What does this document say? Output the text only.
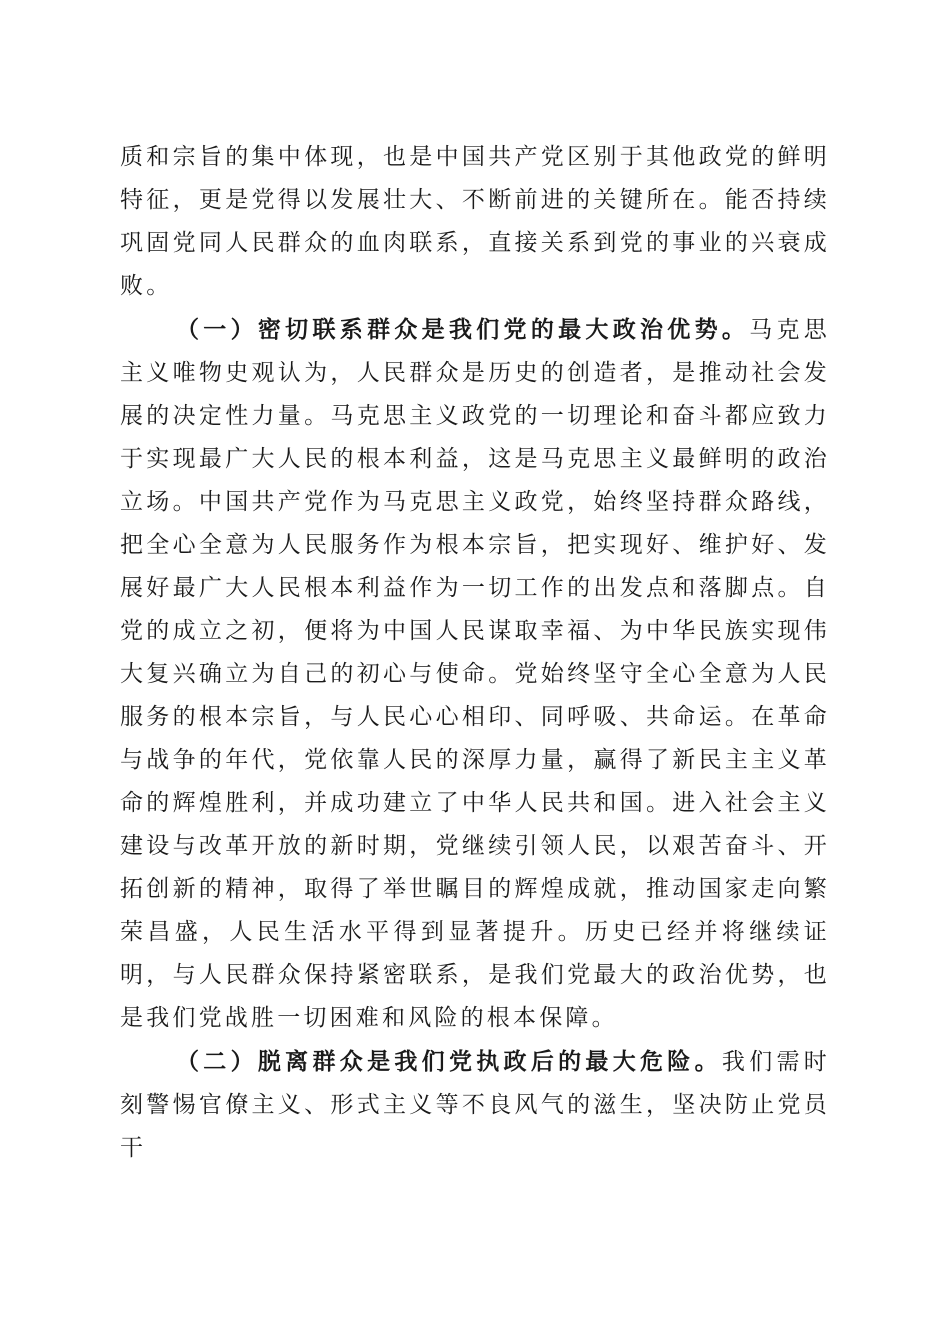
质和宗旨的集中体现，也是中国共产党区别于其他政党的鲜明特征，更是党得以发展壮大、不断前进的关键所在。能否持续巩固党同人民群众的血肉联系，直接关系到党的事业的兴衰成败。

（一）密切联系群众是我们党的最大政治优势。马克思主义唯物史观认为，人民群众是历史的创造者，是推动社会发展的决定性力量。马克思主义政党的一切理论和奋斗都应致力于实现最广大人民的根本利益，这是马克思主义最鲜明的政治立场。中国共产党作为马克思主义政党，始终坚持群众路线，把全心全意为人民服务作为根本宗旨，把实现好、维护好、发展好最广大人民根本利益作为一切工作的出发点和落脚点。自党的成立之初，便将为中国人民谋取幸福、为中华民族实现伟大复兴确立为自己的初心与使命。党始终坚守全心全意为人民服务的根本宗旨，与人民心心相印、同呼吸、共命运。在革命与战争的年代，党依靠人民的深厚力量，赢得了新民主主义革命的辉煌胜利，并成功建立了中华人民共和国。进入社会主义建设与改革开放的新时期，党继续引领人民，以艰苦奋斗、开拓创新的精神，取得了举世瞩目的辉煌成就，推动国家走向繁荣昌盛，人民生活水平得到显著提升。历史已经并将继续证明，与人民群众保持紧密联系，是我们党最大的政治优势，也是我们党战胜一切困难和风险的根本保障。

（二）脱离群众是我们党执政后的最大危险。我们需时刻警惕官僚主义、形式主义等不良风气的滋生，坚决防止党员干
